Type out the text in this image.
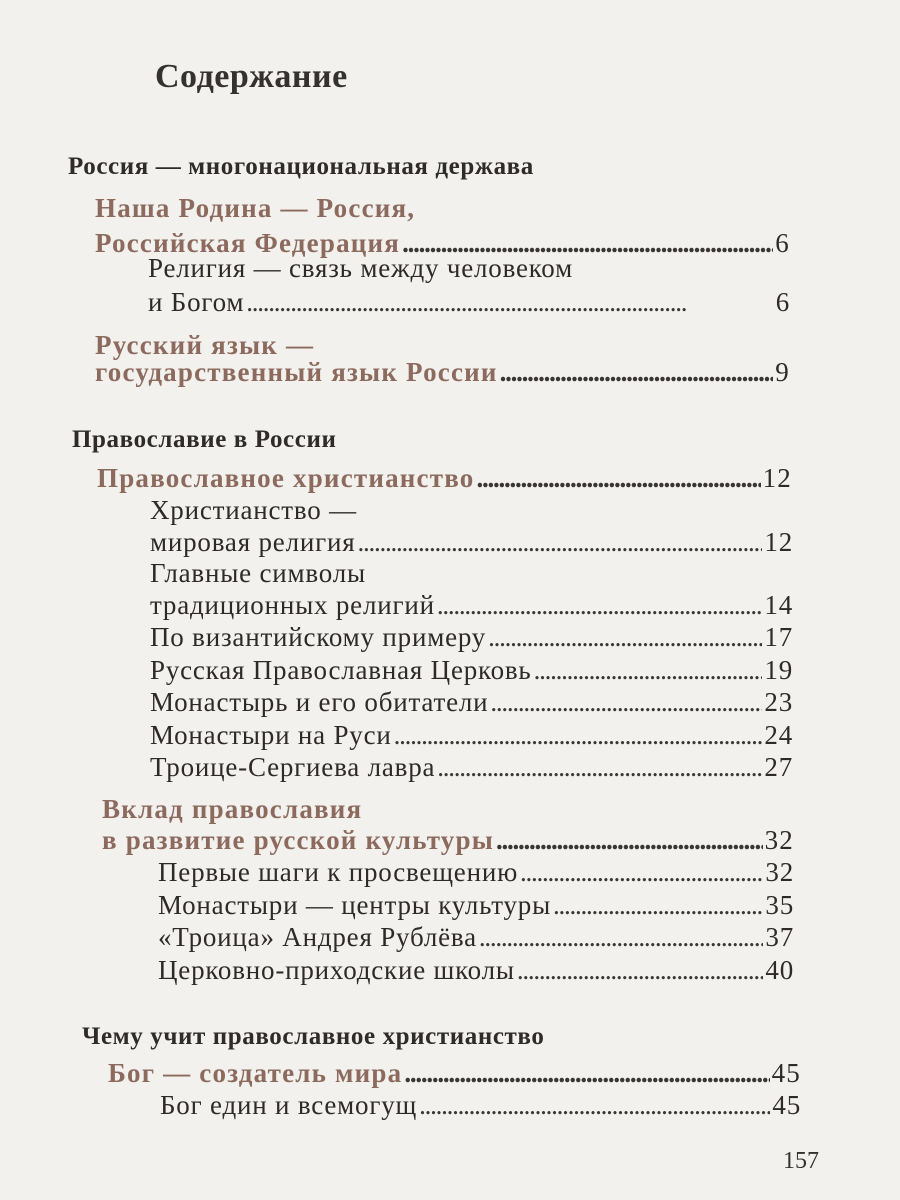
Содержание
Россия — многонациональная держава
Наша Родина — Россия,
Российская Федерация . . .	6
Религия — связь между человеком
и Богом . . .	6
Русский язык —
государственный язык России . . .	9
Православие в России
Православное христианство . . .	12
Христианство —
мировая религия . . .	12
Главные символы
традиционных религий . . .	14
По византийскому примеру . . .	17
Русская Православная Церковь . . .	19
Монастырь и его обитатели . . .	23
Монастыри на Руси . . .	24
Троице-Сергиева лавра . . .	27
Вклад православия
в развитие русской культуры . . .	32
Первые шаги к просвещению . . .	32
Монастыри — центры культуры . . .	35
«Троица» Андрея Рублёва . . .	37
Церковно-приходские школы . . .	40
Чему учит православное христианство
Бог — создатель мира . . .	45
Бог един и всемогущ . . .	45
157
